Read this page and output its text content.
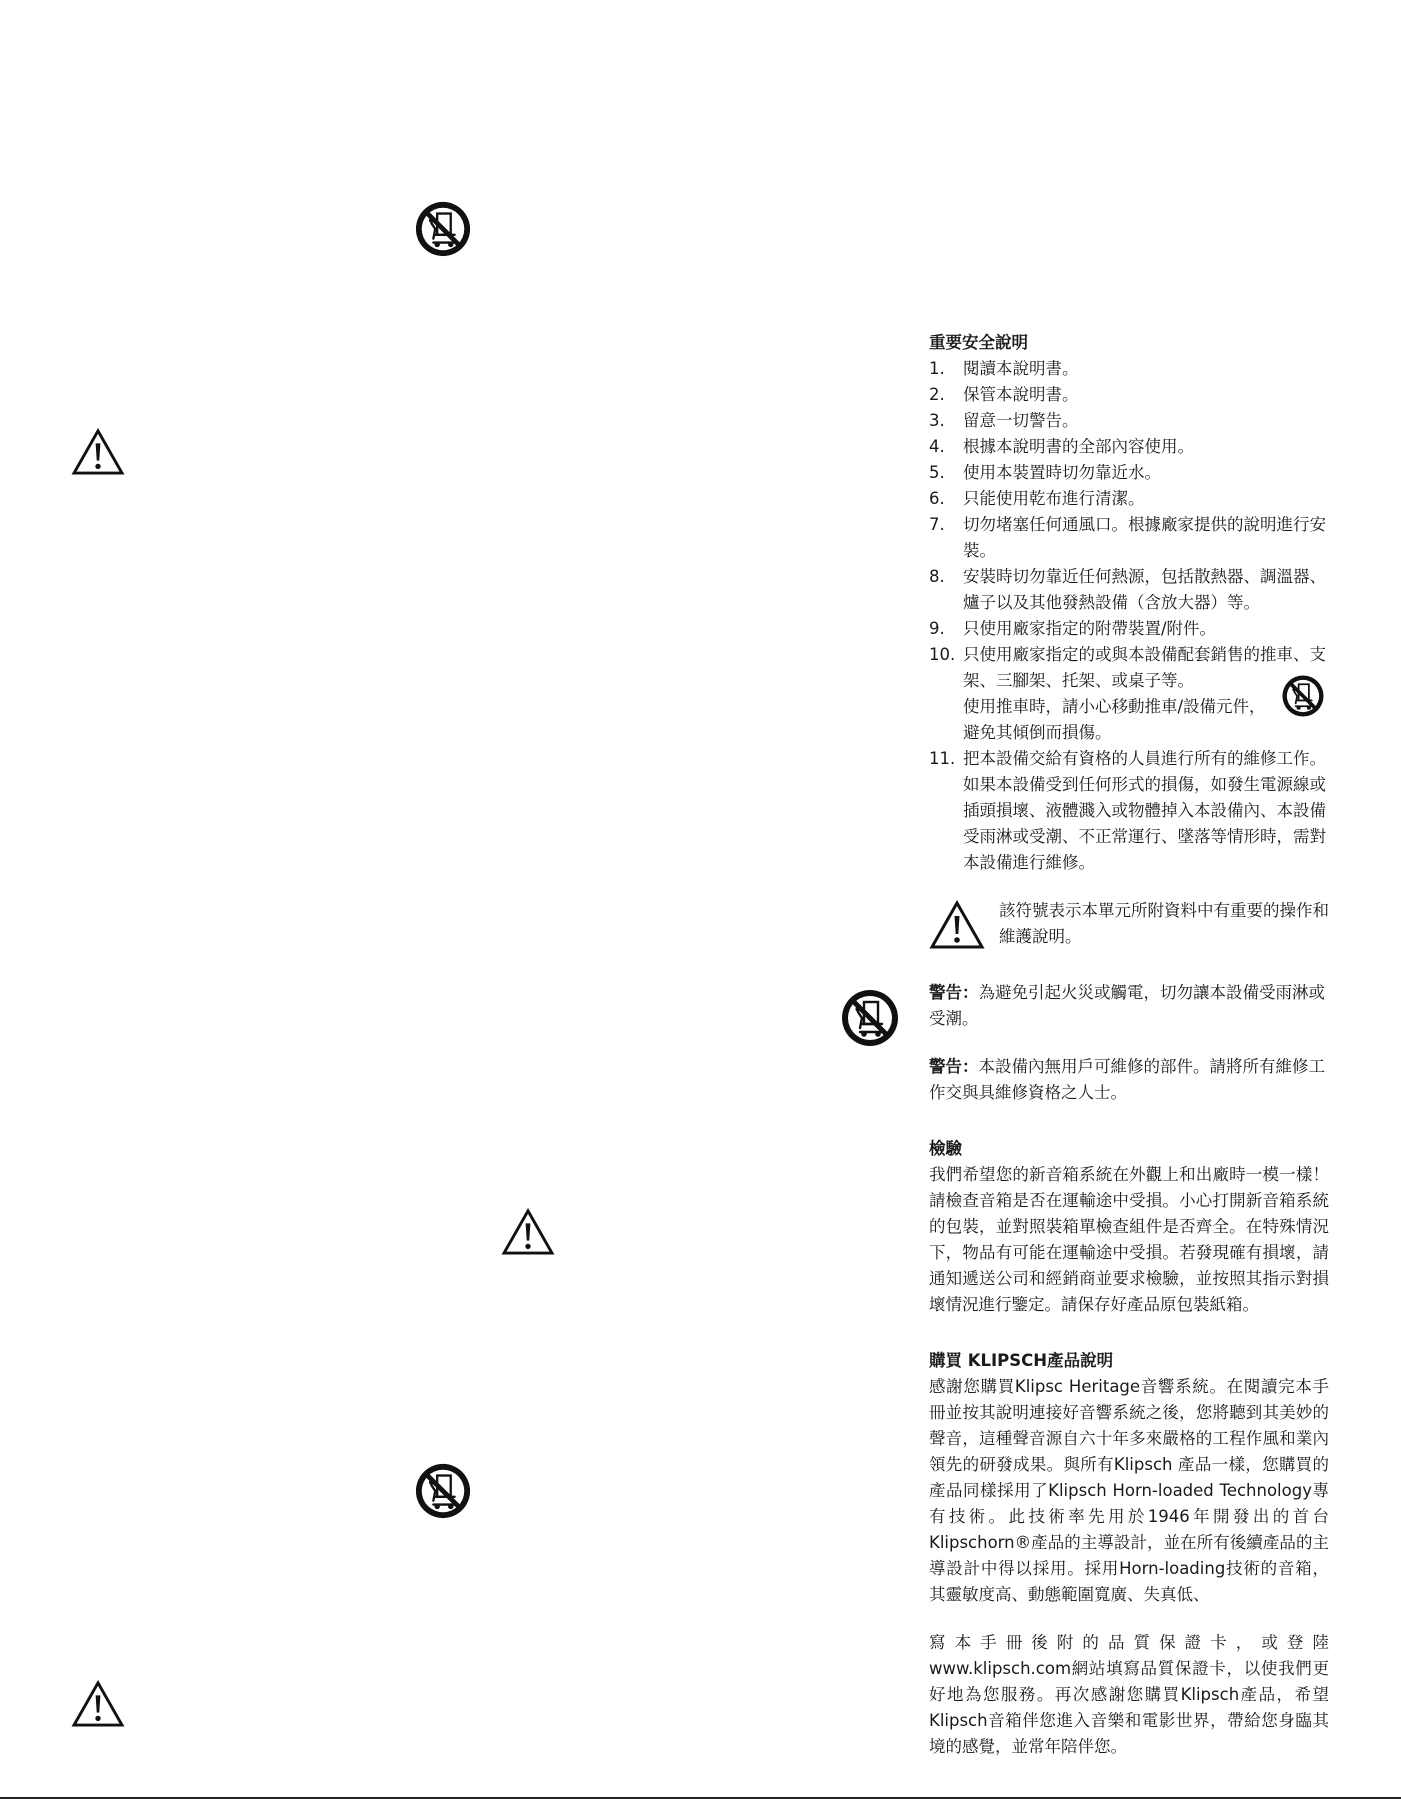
重要安全說明

1. 閱讀本說明書。
2. 保管本說明書。
3. 留意一切警告。
4. 根據本說明書的全部內容使用。
5. 使用本裝置時切勿靠近水。
6. 只能使用乾布進行清潔。
7. 切勿堵塞任何通風口。根據廠家提供的說明進行安裝。
8. 安裝時切勿靠近任何熱源，包括散熱器、調溫器、爐子以及其他發熱設備（含放大器）等。
9. 只使用廠家指定的附帶裝置/附件。
10. 只使用廠家指定的或與本設備配套銷售的推車、支架、三腳架、托架、或桌子等。
使用推車時，請小心移動推車/設備元件，避免其傾倒而損傷。
11. 把本設備交給有資格的人員進行所有的維修工作。如果本設備受到任何形式的損傷，如發生電源線或插頭損壞、液體濺入或物體掉入本設備內、本設備受雨淋或受潮、不正常運行、墜落等情形時，需對本設備進行維修。
該符號表示本單元所附資料中有重要的操作和維護說明。

警告：為避免引起火災或觸電，切勿讓本設備受雨淋或受潮。

警告：本設備內無用戶可維修的部件。請將所有維修工作交與具維修資格之人士。

檢驗

我們希望您的新音箱系統在外觀上和出廠時一模一樣！請檢查音箱是否在運輸途中受損。小心打開新音箱系統的包裝，並對照裝箱單檢查組件是否齊全。在特殊情況下，物品有可能在運輸途中受損。若發現確有損壞，請通知遞送公司和經銷商並要求檢驗，並按照其指示對損壞情況進行鑒定。請保存好產品原包裝紙箱。

購買 KLIPSCH產品說明

感謝您購買Klipsc Heritage音響系統。在閱讀完本手冊並按其說明連接好音響系統之後，您將聽到其美妙的聲音，這種聲音源自六十年多來嚴格的工程作風和業內領先的研發成果。與所有Klipsch 產品一樣，您購買的產品同樣採用了Klipsch Horn-loaded Technology專有技術。此技術率先用於1946年開發出的首台Klipschorn®產品的主導設計，並在所有後續產品的主導設計中得以採用。採用Horn-loading技術的音箱，其靈敏度高、動態範圍寬廣、失真低、

寫本手冊後附的品質保證卡，或登陸www.klipsch.com網站填寫品質保證卡，以使我們更好地為您服務。再次感謝您購買Klipsch產品，希望Klipsch音箱伴您進入音樂和電影世界，帶給您身臨其境的感覺，並常年陪伴您。
